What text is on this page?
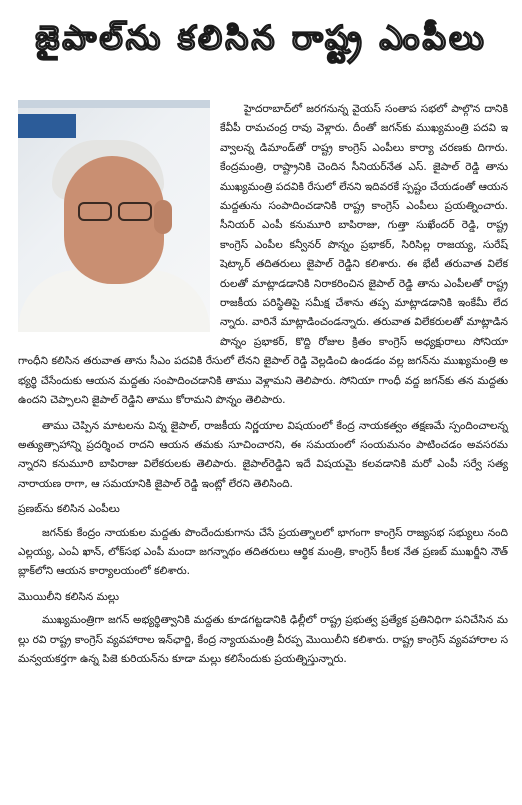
జైపాల్‌ను కలిసిన రాష్ట్ర ఎంపీలు

హైదరాబాద్‌లో జరగనున్న వైయస్ సంతాప సభలో పాల్గొన దానికి కేవీపీ రామచంద్ర రావు వెళ్లారు. దీంతో జగన్‌కు ముఖ్యమంత్రి పదవి ఇవ్వాలన్న డిమాండ్‌తో రాష్ట్ర కాంగ్రెస్ ఎంపీలు కార్యా చరణకు దిగారు. కేంద్రమంత్రి, రాష్ట్రానికి చెందిన సీనియర్‌నేత ఎస్. జైపాల్ రెడ్డి తాను ముఖ్యమంత్రి పదవికి రేసులో లేనని ఇదివరకే స్పష్టం చేయడంతో ఆయన మద్దతును సంపాదించడానికి రాష్ట్ర కాంగ్రెస్ ఎంపీలు ప్రయత్నించారు. సీనియర్ ఎంపీ కనుమూరి బాపిరాజు, గుత్తా సుఖేందర్ రెడ్డి, రాష్ట్ర కాంగ్రెస్ ఎంపీల కన్వీనర్ పొన్నం ప్రభాకర్, సిరిసిల్ల రాజయ్య, సురేష్ షెట్కార్ తదితరులు జైపాల్ రెడ్డిని కలిశారు. ఈ భేటీ తరువాత విలేకరులతో మాట్లాడడానికి నిరాకరించిన జైపాల్ రెడ్డి తాను ఎంపీలతో రాష్ట్ర రాజకీయ పరిస్థితిపై సమీక్ష చేశాను తప్ప మాట్లాడడానికి ఇంకేమీ లేదన్నారు. వారినే మాట్లాడించండన్నారు. తరువాత విలేకరులతో మాట్లాడిన పొన్నం ప్రభాకర్, కొద్ది రోజుల క్రితం కాంగ్రెస్ అధ్యక్షురాలు సోనియా గాంధీని కలిసిన తరువాత తాను సీఎం పదవికి రేసులో లేనని జైపాల్ రెడ్డి వెల్లడించి ఉండడం వల్ల జగన్‌ను ముఖ్యమంత్రి అభ్యర్థి చేసేందుకు ఆయన మద్దతు సంపాదించడానికి తాము వెళ్లామని తెలిపారు. సోనియా గాంధీ వద్ద జగన్‌కు తన మద్దతు ఉందని చెప్పాలని జైపాల్ రెడ్డిని తాము కోరామని పొన్నం తెలిపారు.

తాము చెప్పిన మాటలను విన్న జైపాల్, రాజకీయ నిర్ణయాల విషయంలో కేంద్ర నాయకత్వం తక్షణమే స్పందించాలన్న అత్యుత్సాహాన్ని ప్రదర్శించ రాదని ఆయన తమకు సూచించారని, ఈ సమయంలో సంయమనం పాటించడం అవసరమన్నారని కనుమూరి బాపిరాజు విలేకరులకు తెలిపారు. జైపాల్‌రెడ్డిని ఇదే విషయమై కలవడానికి మరో ఎంపీ సర్వే సత్యనారాయణ రాగా, ఆ సమయానికి జైపాల్ రెడ్డి ఇంట్లో లేరని తెలిసింది.

ప్రణబ్‌ను కలిసిన ఎంపీలు

జగన్‌కు కేంద్రం నాయకుల మద్దతు పొందేందుకుగాను చేసే ప్రయత్నాలలో భాగంగా కాంగ్రెస్ రాజ్యసభ సభ్యులు నంది ఎల్లయ్య, ఎంఏ ఖాన్, లోక్‌సభ ఎంపీ మందా జగన్నాథం తదితరులు ఆర్థిక మంత్రి, కాంగ్రెస్ కీలక నేత ప్రణబ్ ముఖర్జీని నౌత్ బ్లాక్‌లోని ఆయన కార్యాలయంలో కలిశారు.

మొయిలీని కలిసిన మల్లు

ముఖ్యమంత్రిగా జగన్ అభ్యర్థిత్వానికి మద్దతు కూడగట్టడానికి ఢిల్లీలో రాష్ట్ర ప్రభుత్వ ప్రత్యేక ప్రతినిధిగా పనిచేసిన మల్లు రవి రాష్ట్ర కాంగ్రెస్ వ్యవహారాల ఇన్‌ఛార్జి, కేంద్ర న్యాయమంత్రి వీరప్ప మొయిలీని కలిశారు. రాష్ట్ర కాంగ్రెస్ వ్యవహారాల సమన్వయకర్తగా ఉన్న పిజె కురియన్‌ను కూడా మల్లు కలిసేందుకు ప్రయత్నిస్తున్నారు.
